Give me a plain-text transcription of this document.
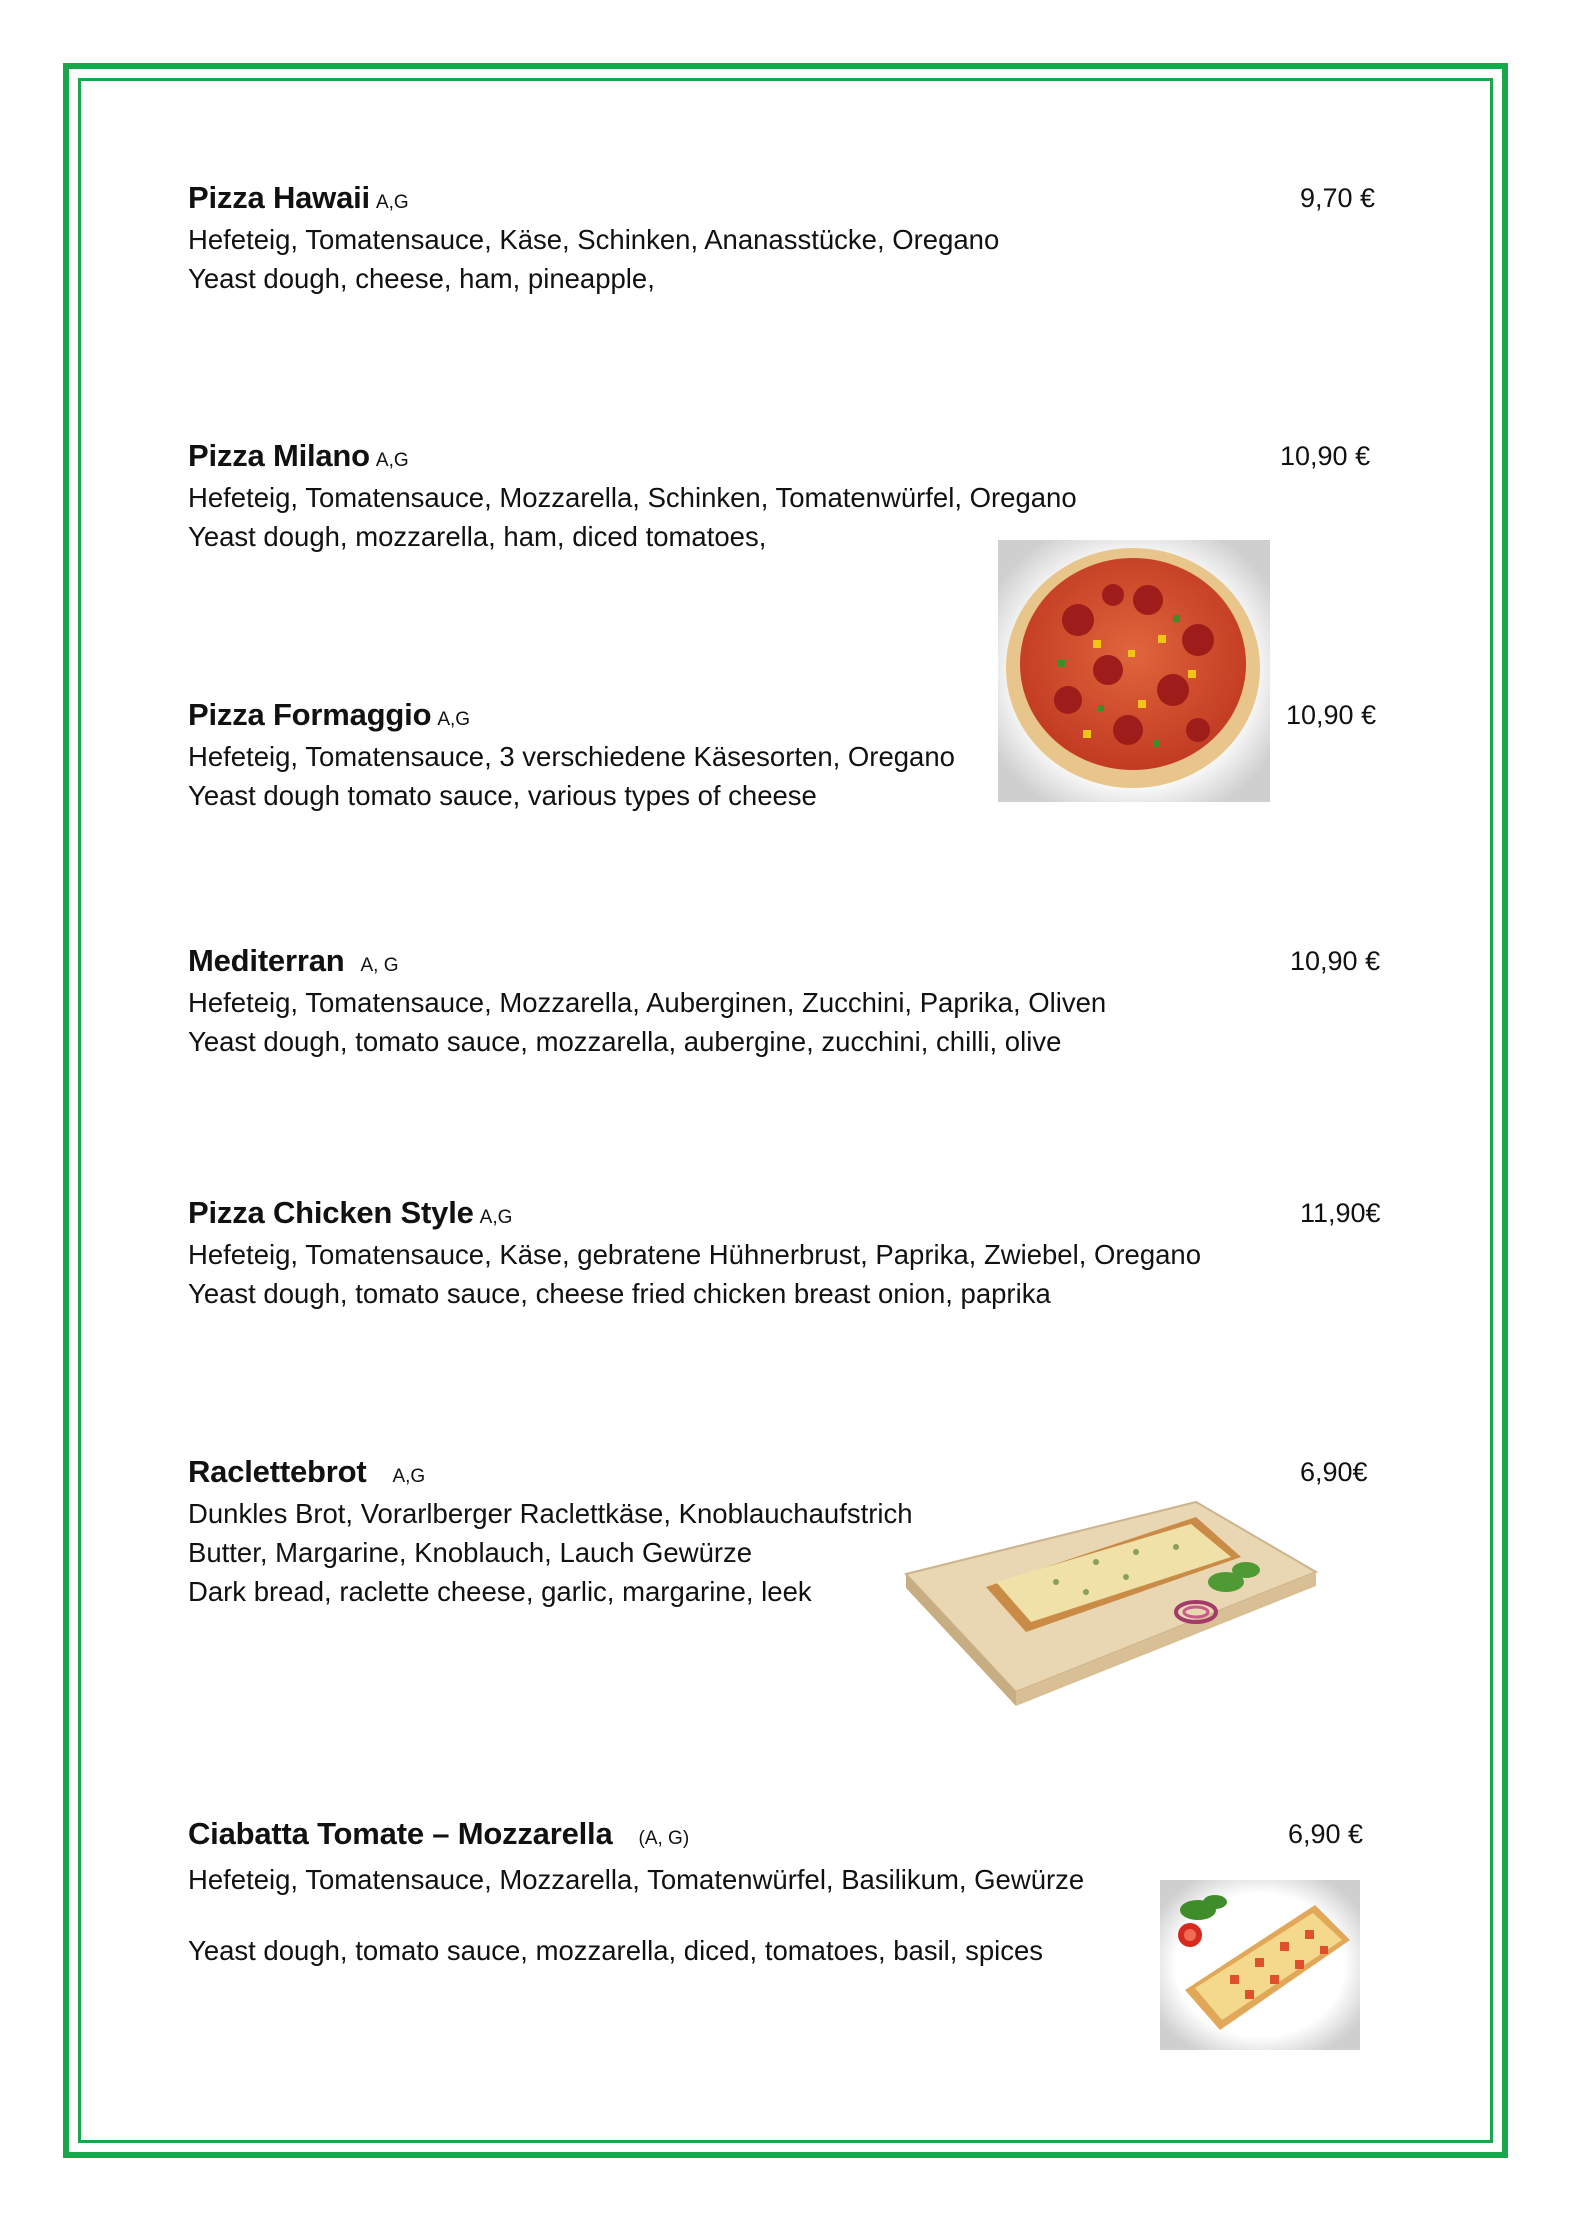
Pizza Hawaii A,G	9,70 €
Hefeteig, Tomatensauce, Käse, Schinken, Ananasstücke, Oregano
Yeast dough, cheese, ham, pineapple,
Pizza Milano A,G	10,90 €
Hefeteig, Tomatensauce, Mozzarella, Schinken, Tomatenwürfel, Oregano
Yeast dough, mozzarella, ham, diced tomatoes,
Pizza Formaggio A,G	10,90 €
Hefeteig, Tomatensauce, 3 verschiedene Käsesorten, Oregano
Yeast dough tomato sauce, various types of cheese
Mediterran A, G	10,90 €
Hefeteig, Tomatensauce, Mozzarella, Auberginen, Zucchini, Paprika, Oliven
Yeast dough, tomato sauce, mozzarella, aubergine, zucchini, chilli, olive
Pizza Chicken Style A,G	11,90€
Hefeteig, Tomatensauce, Käse, gebratene Hühnerbrust, Paprika, Zwiebel, Oregano
Yeast dough, tomato sauce, cheese fried chicken breast onion, paprika
Raclettebrot A,G	6,90€
Dunkles Brot, Vorarlberger Raclettkäse, Knoblauchaufstrich
Butter, Margarine, Knoblauch, Lauch Gewürze
Dark bread, raclette cheese, garlic, margarine, leek
Ciabatta Tomate – Mozzarella (A, G)	6,90 €
Hefeteig, Tomatensauce, Mozzarella, Tomatenwürfel, Basilikum, Gewürze
Yeast dough, tomato sauce, mozzarella, diced, tomatoes, basil, spices
